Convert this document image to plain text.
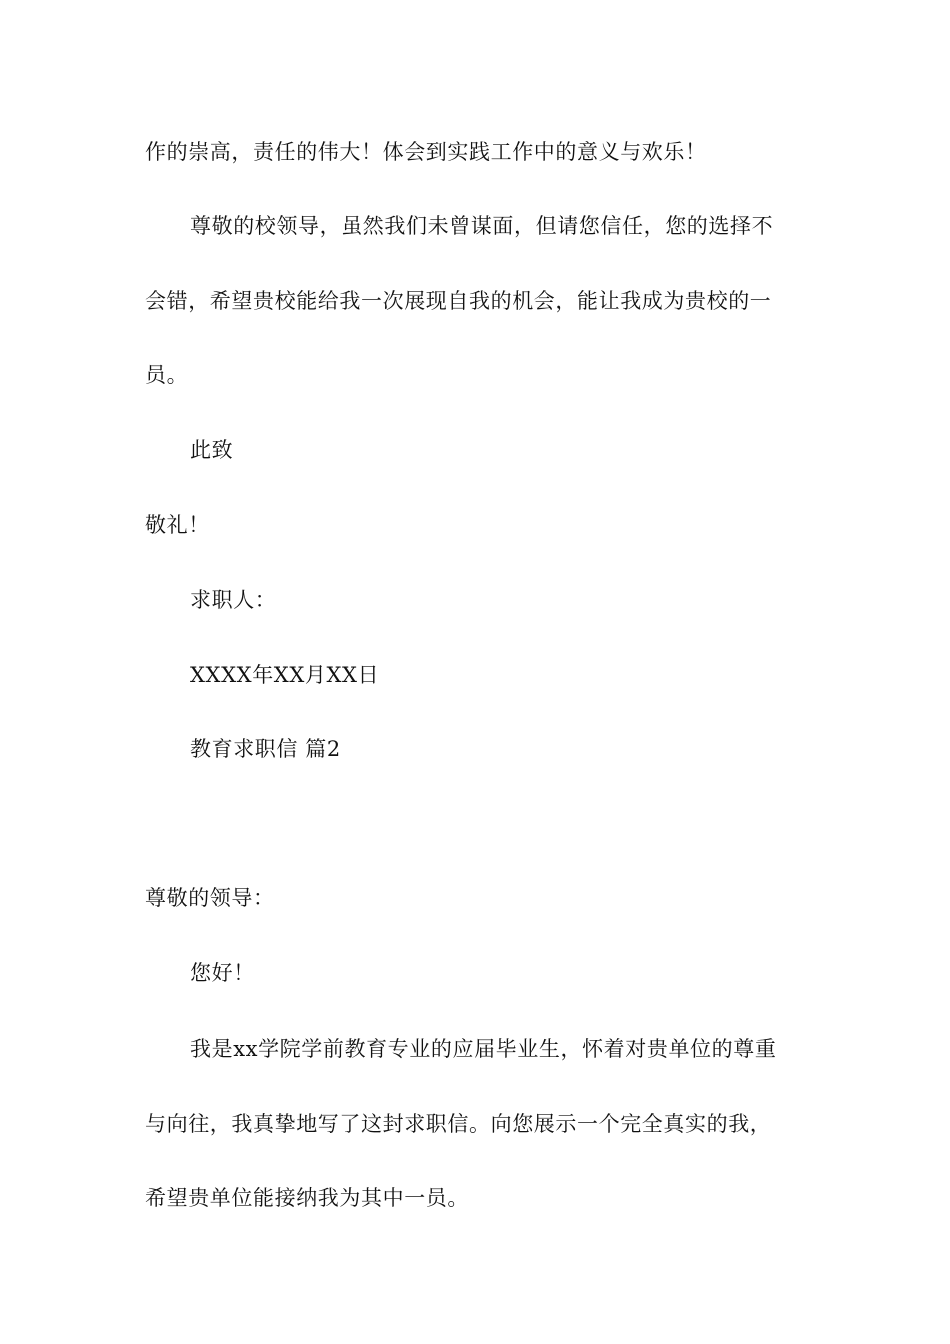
作的崇高，责任的伟大！体会到实践工作中的意义与欢乐！
尊敬的校领导，虽然我们未曾谋面，但请您信任，您的选择不
会错，希望贵校能给我一次展现自我的机会，能让我成为贵校的一
员。
此致
敬礼！
求职人：
XXXX年XX月XX日
教育求职信 篇2
尊敬的领导：
您好！
我是xx学院学前教育专业的应届毕业生，怀着对贵单位的尊重
与向往，我真挚地写了这封求职信。向您展示一个完全真实的我，
希望贵单位能接纳我为其中一员。
